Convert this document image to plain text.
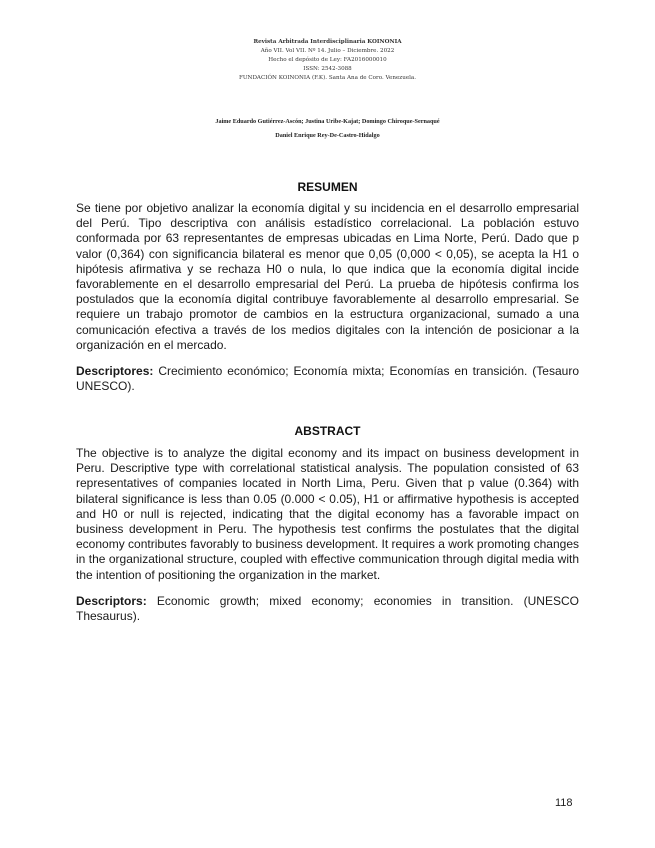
Revista Arbitrada Interdisciplinaria KOINONIA
Año VII. Vol VII. Nº 14. Julio – Diciembre. 2022
Hecho el depósito de Ley: FA2016000010
ISSN: 2542-3088
FUNDACIÓN KOINONIA (F.K). Santa Ana de Coro. Venezuela.
Jaime Eduardo Gutiérrez-Ascón; Justina Uribe-Kajat; Domingo Chiroque-Sernaqué
Daniel Enrique Rey-De-Castro-Hidalgo
RESUMEN
Se tiene por objetivo analizar la economía digital y su incidencia en el desarrollo empresarial del Perú. Tipo descriptiva con análisis estadístico correlacional. La población estuvo conformada por 63 representantes de empresas ubicadas en Lima Norte, Perú. Dado que p valor (0,364) con significancia bilateral es menor que 0,05 (0,000 < 0,05), se acepta la H1 o hipótesis afirmativa y se rechaza H0 o nula, lo que indica que la economía digital incide favorablemente en el desarrollo empresarial del Perú. La prueba de hipótesis confirma los postulados que la economía digital contribuye favorablemente al desarrollo empresarial. Se requiere un trabajo promotor de cambios en la estructura organizacional, sumado a una comunicación efectiva a través de los medios digitales con la intención de posicionar a la organización en el mercado.
Descriptores: Crecimiento económico; Economía mixta; Economías en transición. (Tesauro UNESCO).
ABSTRACT
The objective is to analyze the digital economy and its impact on business development in Peru. Descriptive type with correlational statistical analysis. The population consisted of 63 representatives of companies located in North Lima, Peru. Given that p value (0.364) with bilateral significance is less than 0.05 (0.000 < 0.05), H1 or affirmative hypothesis is accepted and H0 or null is rejected, indicating that the digital economy has a favorable impact on business development in Peru. The hypothesis test confirms the postulates that the digital economy contributes favorably to business development. It requires a work promoting changes in the organizational structure, coupled with effective communication through digital media with the intention of positioning the organization in the market.
Descriptors: Economic growth; mixed economy; economies in transition. (UNESCO Thesaurus).
118
